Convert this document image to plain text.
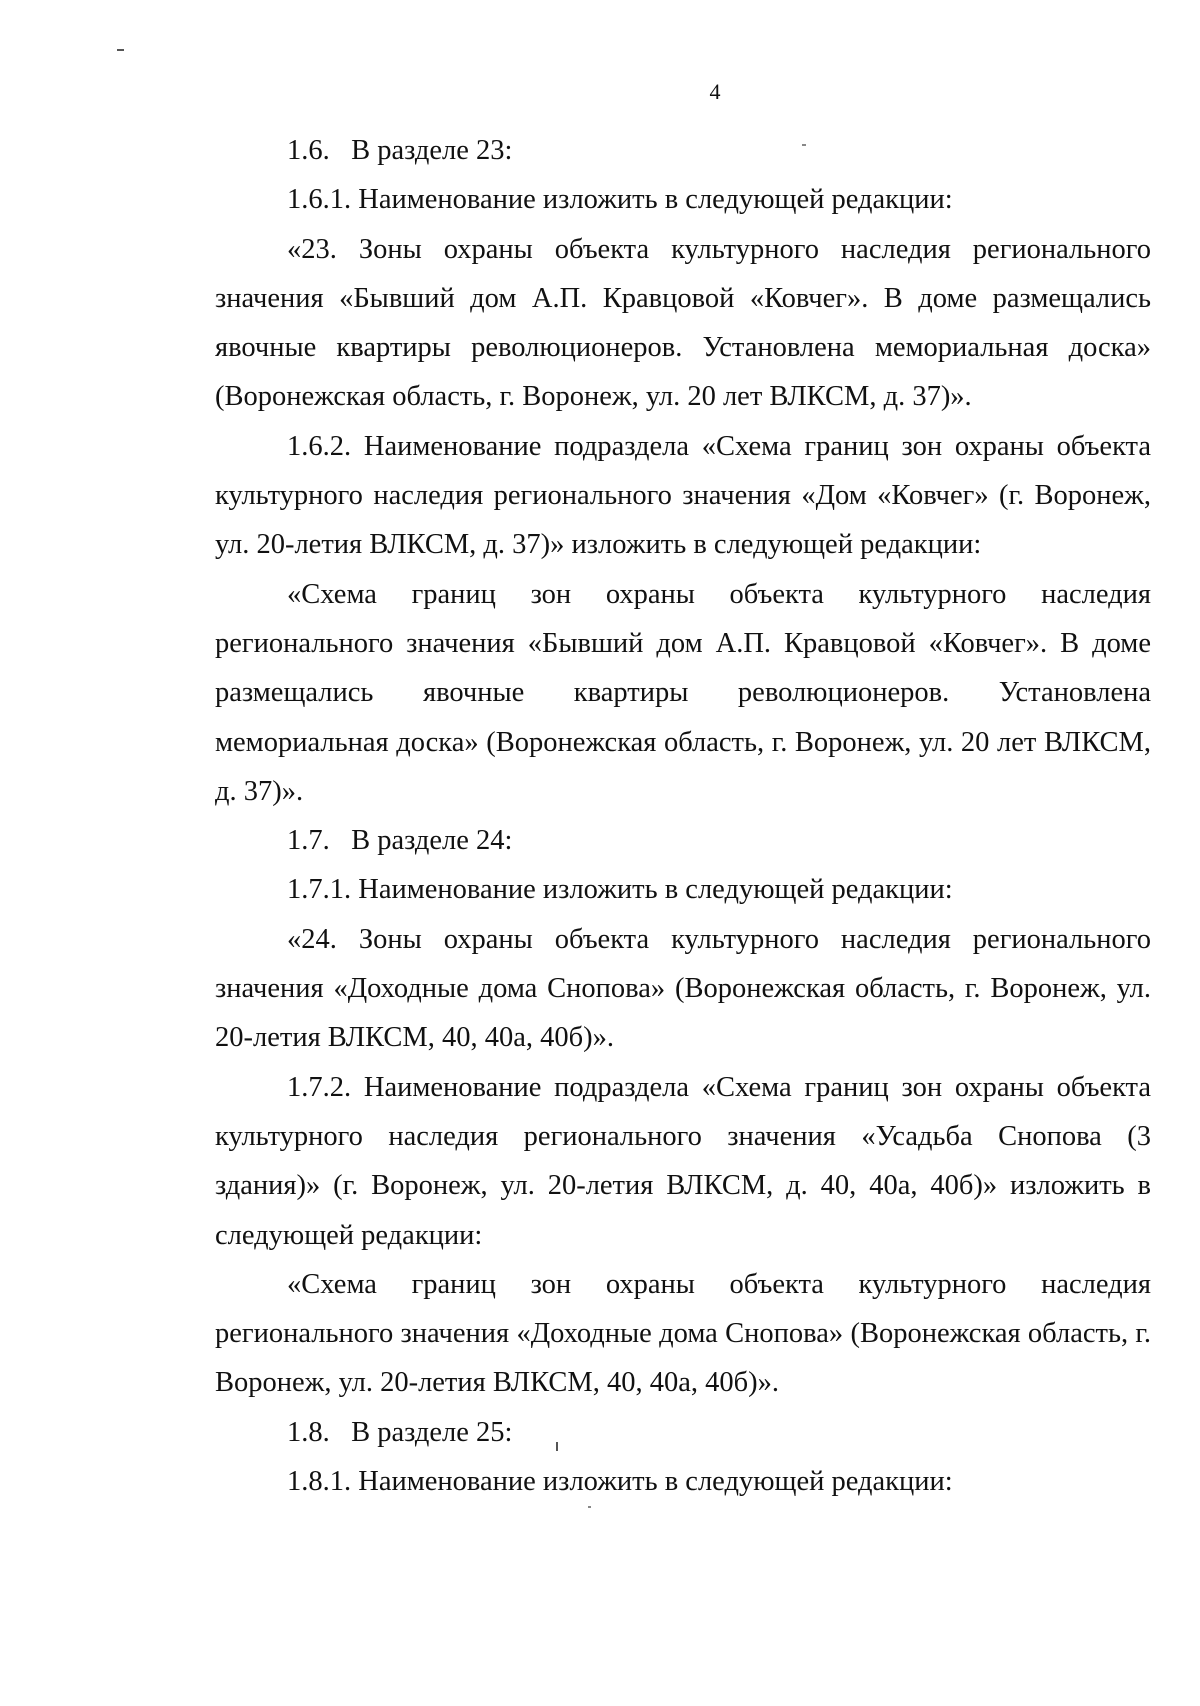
4

1.6.   В разделе 23:

1.6.1. Наименование изложить в следующей редакции:

«23. Зоны охраны объекта культурного наследия регионального значения «Бывший дом А.П. Кравцовой «Ковчег». В доме размещались явочные квартиры революционеров. Установлена мемориальная доска» (Воронежская область, г. Воронеж, ул. 20 лет ВЛКСМ, д. 37)».

1.6.2. Наименование подраздела «Схема границ зон охраны объекта культурного наследия регионального значения «Дом «Ковчег» (г. Воронеж, ул. 20-летия ВЛКСМ, д. 37)» изложить в следующей редакции:

«Схема границ зон охраны объекта культурного наследия регионального значения «Бывший дом А.П. Кравцовой «Ковчег». В доме размещались явочные квартиры революционеров. Установлена мемориальная доска» (Воронежская область, г. Воронеж, ул. 20 лет ВЛКСМ, д. 37)».

1.7.   В разделе 24:

1.7.1. Наименование изложить в следующей редакции:

«24. Зоны охраны объекта культурного наследия регионального значения «Доходные дома Снопова» (Воронежская область, г. Воронеж, ул. 20-летия ВЛКСМ, 40, 40а, 40б)».

1.7.2. Наименование подраздела «Схема границ зон охраны объекта культурного наследия регионального значения «Усадьба Снопова (3 здания)» (г. Воронеж, ул. 20-летия ВЛКСМ, д. 40, 40а, 40б)» изложить в следующей редакции:

«Схема границ зон охраны объекта культурного наследия регионального значения «Доходные дома Снопова» (Воронежская область, г. Воронеж, ул. 20-летия ВЛКСМ, 40, 40а, 40б)».

1.8.   В разделе 25:

1.8.1. Наименование изложить в следующей редакции:
